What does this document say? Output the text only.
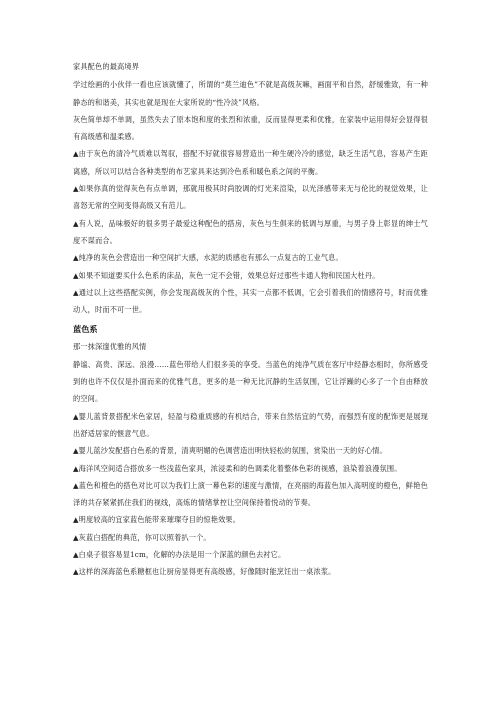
家具配色的最高境界

学过绘画的小伙伴一看也应该就懂了，所谓的“莫兰迪色”不就是高级灰嘛，画面平和自然，舒缓雅致，有一种静态的和谐美，其实也就是现在大家所说的“性冷淡”风格。

灰色简单却不单调，虽然失去了原本饱和度的张烈和浓重，反而显得更柔和优雅，在家装中运用得好会显得很有高级感和温柔感。

▲由于灰色的清冷气质难以驾驭，搭配不好就很容易营造出一种生硬冷冷的感觉，缺乏生活气息，容易产生距离感，所以可以结合各种类型的布艺家具来达到冷色系和暖色系之间的平衡。

▲如果你真的觉得灰色有点单调，那就用极其时尚胶调的灯光来渲染，以光泽感带来无与伦比的视觉效果，让喜怒无常的空间变得高级又有范儿。

▲有人说，品味极好的很多男子最爱这种配色的搭房，灰色与生俱来的低调与厚重，与男子身上彰显的绅士气度不谋而合。

▲纯净的灰色会营造出一种空间扩大感，水泥的质感也有那么一点复古的工业气息。

▲如果不知道要买什么色系的床品，灰色一定不会错，效果总好过那些卡通人物和民国大杜丹。

▲通过以上这些搭配实例，你会发现高级灰的个性，其实一点都不低调，它会引着我们的情感符号，时而优雅动人，时而不可一世。

蓝色系

那一抹深邃优雅的风情

静谧、高贵、深远、浪漫……蓝色带给人们很多美的享受。当蓝色的纯净气质在客厅中经静态相时，你所感受到的也许不仅仅是扑面而来的优雅气息，更多的是一种无比沉静的生活氛围，它让浮躁的心多了一个自由释放的空间。

▲婴儿蓝背景搭配米色家居，轻盈与稳重质感的有机结合，带来自然恬宜的气势，而强烈有度的配饰更是展现出舒适居家的惬意气息。

▲婴儿蓝沙发配搭白色系的背景，清爽明媚的色调营造出明快轻松的氛围，赏染出一天的好心情。

▲海洋风空间适合搭放多一些浅蓝色家具，浓浸柔和的色调柔化着整体色彩的视感，浪染着浪漫氛围。

▲蓝色和橙色的搭色对比可以为我们上演一幕色彩的速度与激情，在亮丽的海蓝色加入高明度的橙色，鲜艳色泽的共存紧紧抓住我们的视线，高炼的情绪掌控让空间保持着悦动的节奏。

▲明度较高的宜家蓝色能带来璀璨夺目的惊艳效果。

▲灰蓝白搭配的典范，你可以照着扒一个。

▲白桌子很容易显1cm，化解的办法是用一个深蓝的颜色去衬它。

▲这样的深海蓝色系糖框也让厨房显得更有高级感，好像随时能烹饪出一桌浓浆。
